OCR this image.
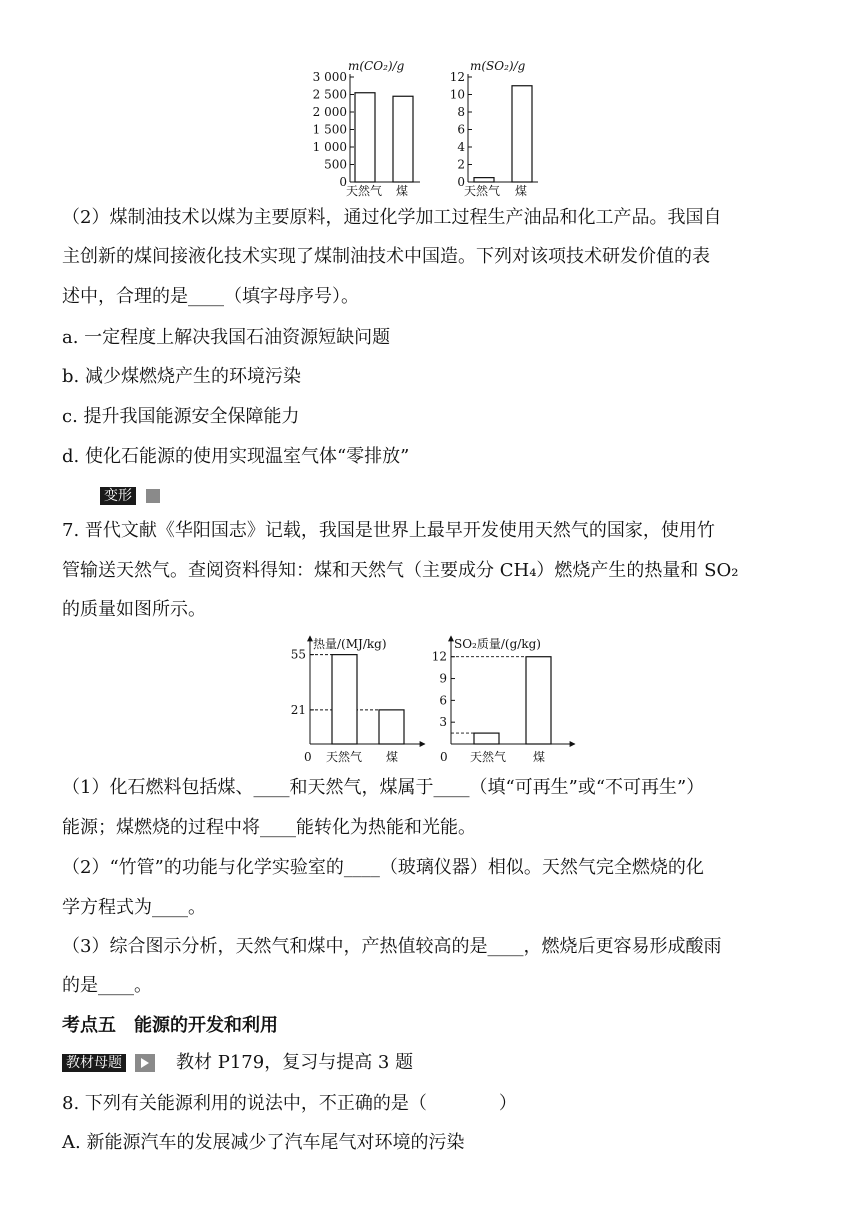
m(CO₂)/g
0
500
1 000
1 500
2 000
2 500
3 000
天然气 煤
m(SO₂)/g
0
2
4
6
8
10
12
天然气 煤
（2）煤制油技术以煤为主要原料，通过化学加工过程生产油品和化工产品。我国自
主创新的煤间接液化技术实现了煤制油技术中国造。下列对该项技术研发价值的表
述中，合理的是____（填字母序号）。
a. 一定程度上解决我国石油资源短缺问题
b. 减少煤燃烧产生的环境污染
c. 提升我国能源安全保障能力
d. 使化石能源的使用实现温室气体“零排放”
变形
7. 晋代文献《华阳国志》记载，我国是世界上最早开发使用天然气的国家，使用竹
管输送天然气。查阅资料得知：煤和天然气（主要成分 CH₄）燃烧产生的热量和 SO₂
的质量如图所示。
热量/(MJ/kg)
0
21
55
天然气 煤
SO₂质量/(g/kg)
0
3
6
9
12
天然气 煤
（1）化石燃料包括煤、____和天然气，煤属于____（填“可再生”或“不可再生”）
能源；煤燃烧的过程中将____能转化为热能和光能。
（2）“竹管”的功能与化学实验室的____（玻璃仪器）相似。天然气完全燃烧的化
学方程式为____。
（3）综合图示分析，天然气和煤中，产热值较高的是____，燃烧后更容易形成酸雨
的是____。
考点五　能源的开发和利用
教材母题	教材 P179，复习与提高 3 题
8. 下列有关能源利用的说法中，不正确的是（　　　　）
A. 新能源汽车的发展减少了汽车尾气对环境的污染
